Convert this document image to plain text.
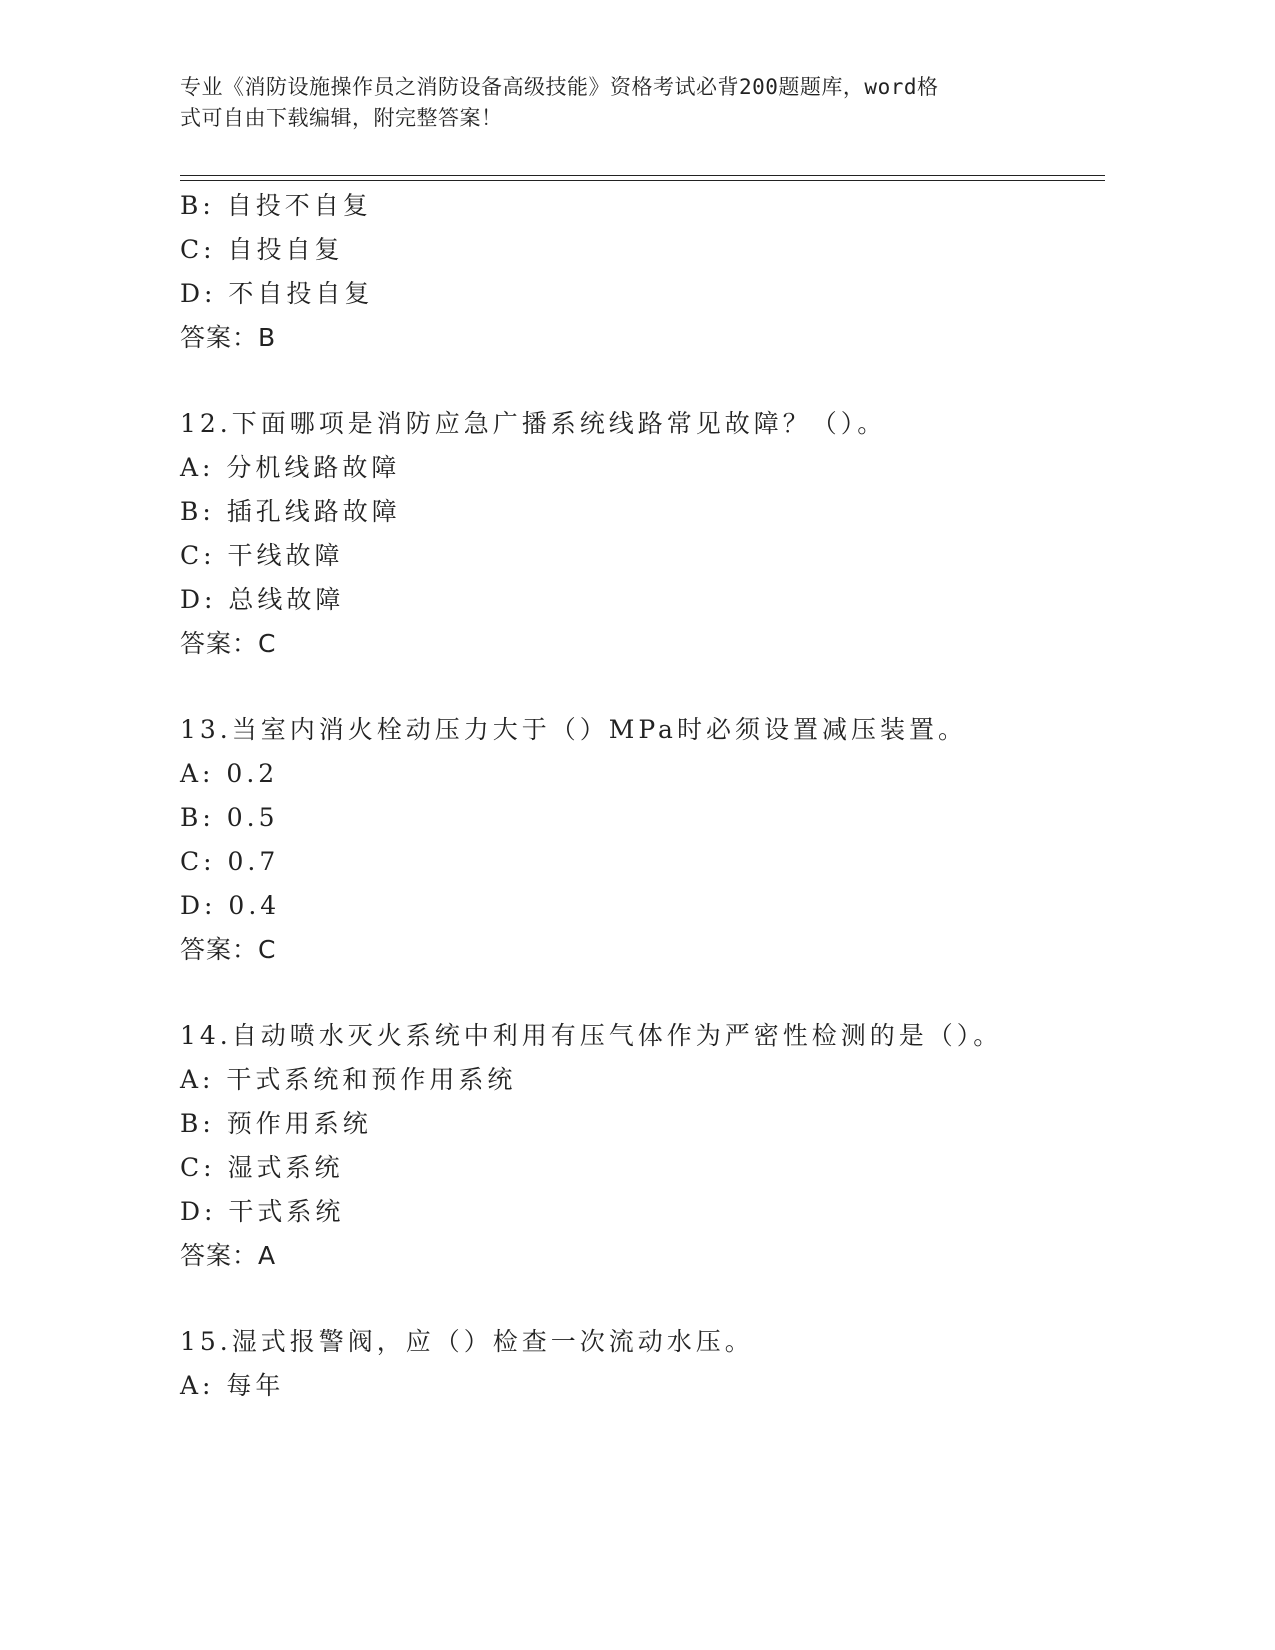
专业《消防设施操作员之消防设备高级技能》资格考试必背200题题库，word格
式可自由下载编辑，附完整答案！
B: 自投不自复
C: 自投自复
D: 不自投自复
答案：B
12.下面哪项是消防应急广播系统线路常见故障？（）。
A: 分机线路故障
B: 插孔线路故障
C: 干线故障
D: 总线故障
答案：C
13.当室内消火栓动压力大于（）MPa时必须设置减压装置。
A: 0.2
B: 0.5
C: 0.7
D: 0.4
答案：C
14.自动喷水灭火系统中利用有压气体作为严密性检测的是（）。
A: 干式系统和预作用系统
B: 预作用系统
C: 湿式系统
D: 干式系统
答案：A
15.湿式报警阀，应（）检查一次流动水压。
A: 每年
